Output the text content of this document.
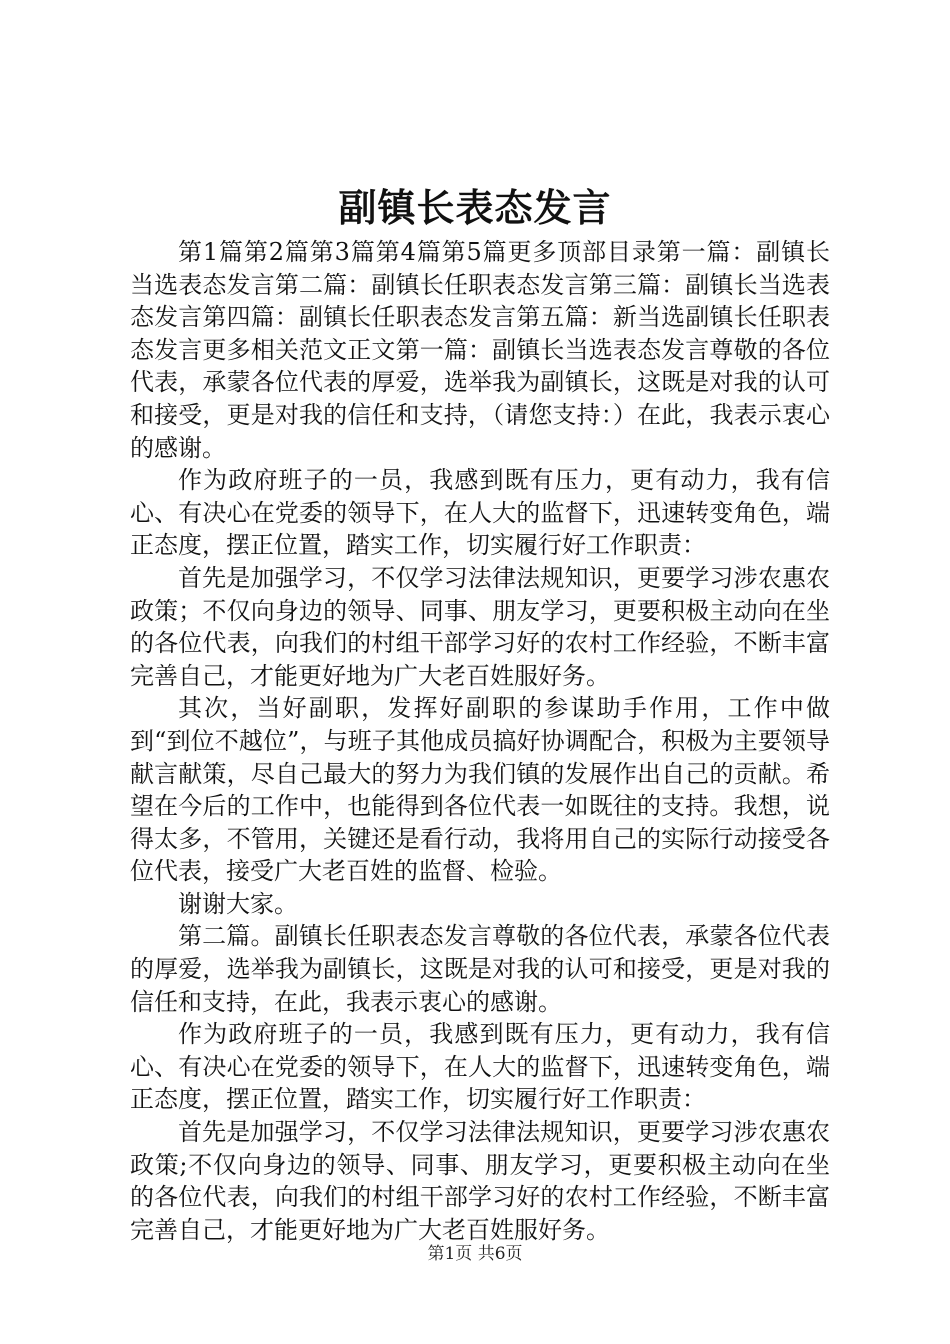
副镇长表态发言

第1篇第2篇第3篇第4篇第5篇更多顶部目录第一篇：副镇长当选表态发言第二篇：副镇长任职表态发言第三篇：副镇长当选表态发言第四篇：副镇长任职表态发言第五篇：新当选副镇长任职表态发言更多相关范文正文第一篇：副镇长当选表态发言尊敬的各位代表，承蒙各位代表的厚爱，选举我为副镇长，这既是对我的认可和接受，更是对我的信任和支持，（请您支持：）在此，我表示衷心的感谢。

作为政府班子的一员，我感到既有压力，更有动力，我有信心、有决心在党委的领导下，在人大的监督下，迅速转变角色，端正态度，摆正位置，踏实工作，切实履行好工作职责：

首先是加强学习，不仅学习法律法规知识，更要学习涉农惠农政策；不仅向身边的领导、同事、朋友学习，更要积极主动向在坐的各位代表，向我们的村组干部学习好的农村工作经验，不断丰富完善自己，才能更好地为广大老百姓服好务。

其次，当好副职，发挥好副职的参谋助手作用，工作中做到“到位不越位”，与班子其他成员搞好协调配合，积极为主要领导献言献策，尽自己最大的努力为我们镇的发展作出自己的贡献。希望在今后的工作中，也能得到各位代表一如既往的支持。我想，说得太多，不管用，关键还是看行动，我将用自己的实际行动接受各位代表，接受广大老百姓的监督、检验。

谢谢大家。

第二篇。副镇长任职表态发言尊敬的各位代表，承蒙各位代表的厚爱，选举我为副镇长，这既是对我的认可和接受，更是对我的信任和支持，在此，我表示衷心的感谢。

作为政府班子的一员，我感到既有压力，更有动力，我有信心、有决心在党委的领导下，在人大的监督下，迅速转变角色，端正态度，摆正位置，踏实工作，切实履行好工作职责：

首先是加强学习，不仅学习法律法规知识，更要学习涉农惠农政策;不仅向身边的领导、同事、朋友学习，更要积极主动向在坐的各位代表，向我们的村组干部学习好的农村工作经验，不断丰富完善自己，才能更好地为广大老百姓服好务。

第1页 共6页
